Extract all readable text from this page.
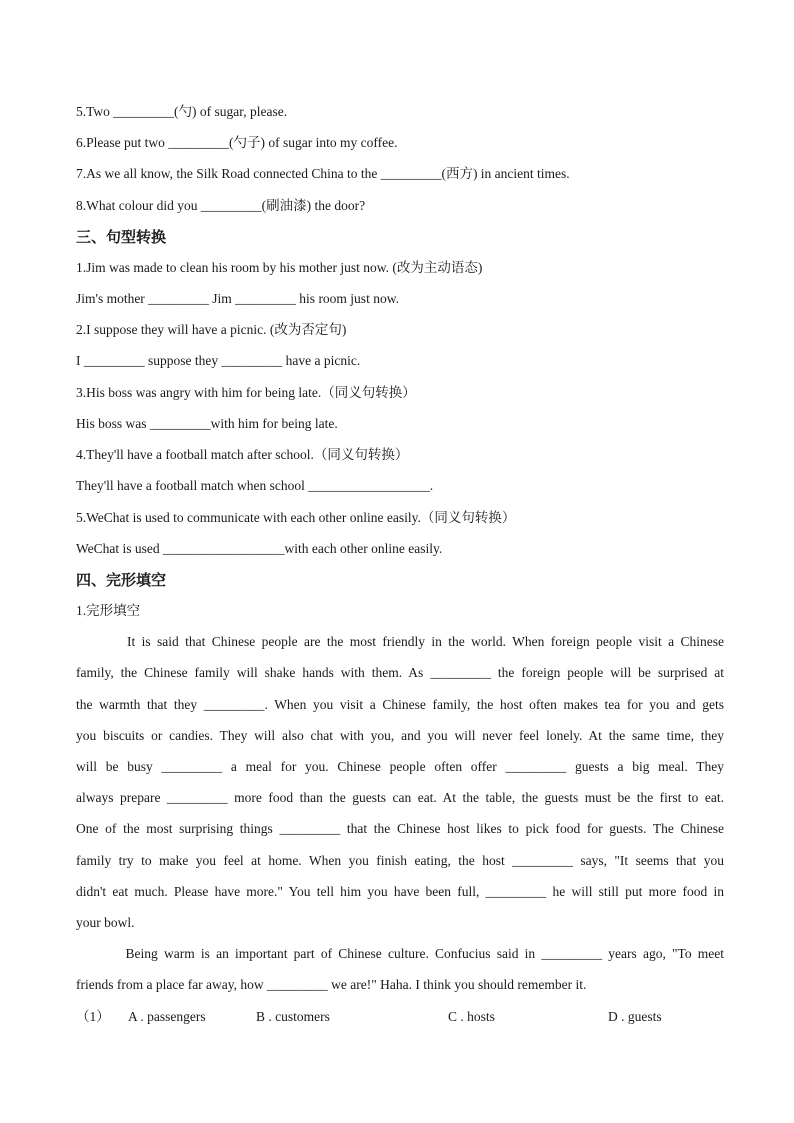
5.Two _________(勺) of sugar, please.
6.Please put two _________(勺子) of sugar into my coffee.
7.As we all know, the Silk Road connected China to the _________(西方) in ancient times.
8.What colour did you _________(刷油漆) the door?
三、句型转换
1.Jim was made to clean his room by his mother just now. (改为主动语态)
Jim's mother _________ Jim _________ his room just now.
2.I suppose they will have a picnic. (改为否定句)
I _________ suppose they _________ have a picnic.
3.His boss was angry with him for being late.（同义句转换）
His boss was _________with him for being late.
4.They'll have a football match after school.（同义句转换）
They'll have a football match when school __________________.
5.WeChat is used to communicate with each other online easily.（同义句转换）
WeChat is used __________________with each other online easily.
四、完形填空
1.完形填空
It is said that Chinese people are the most friendly in the world. When foreign people visit a Chinese
family, the Chinese family will shake hands with them. As _________ the foreign people will be surprised at
the warmth that they _________. When you visit a Chinese family, the host often makes tea for you and gets
you biscuits or candies. They will also chat with you, and you will never feel lonely. At the same time, they
will be busy _________ a meal for you. Chinese people often offer _________ guests a big meal. They
always prepare _________ more food than the guests can eat. At the table, the guests must be the first to eat.
One of the most surprising things _________ that the Chinese host likes to pick food for guests. The Chinese
family try to make you feel at home. When you finish eating, the host _________ says, "It seems that you
didn't eat much. Please have more." You tell him you have been full, _________ he will still put more food in
your bowl.
Being warm is an important part of Chinese culture. Confucius said in _________ years ago, "To meet
friends from a place far away, how _________ we are!" Haha. I think you should remember it.
（1） A . passengers	B . customers	C . hosts	D . guests
